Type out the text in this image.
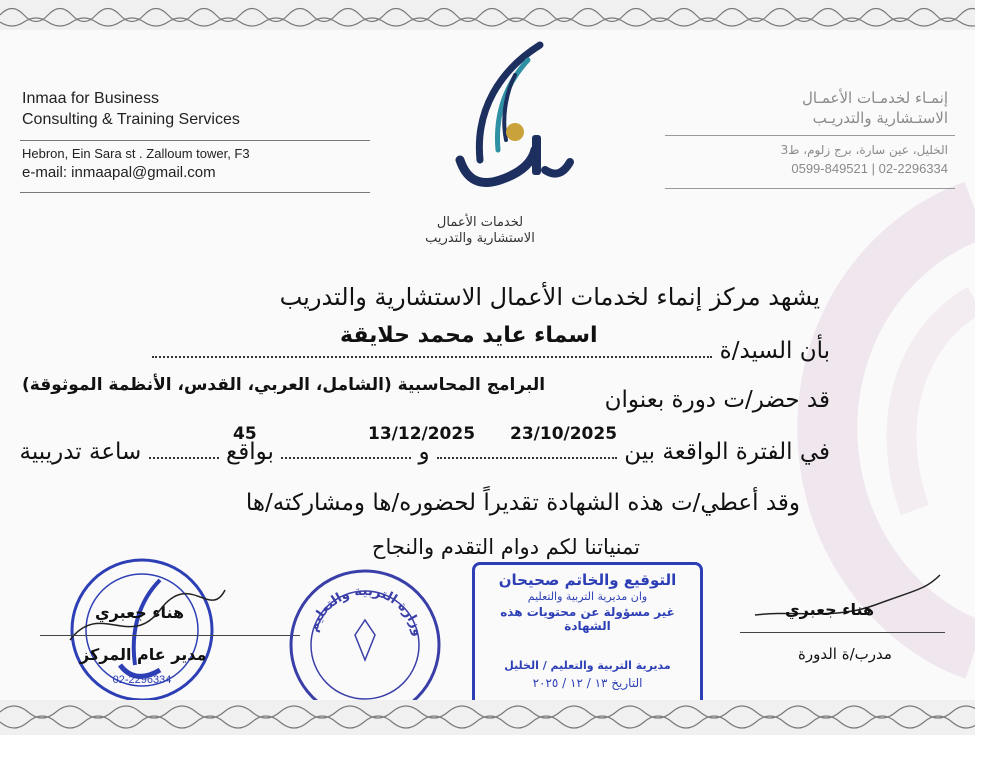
Inmaa for Business
Consulting & Training Services
Hebron, Ein Sara st . Zalloum tower, F3
e-mail: inmaapal@gmail.com
إنمـاء لخدمـات الأعمـال
الاستـشارية والتدريـب
الخليل، عين سارة، برج زلوم، ط3
0599-849521 | 02-2296334
لخدمات الأعمال
الاستشارية والتدريب
يشهد مركز إنماء لخدمات الأعمال الاستشارية والتدريب
بأن السيد/ة
اسماء عايد محمد حلايقة
قد حضر/ت دورة بعنوان
البرامج المحاسبية (الشامل، العربي، القدس، الأنظمة الموثوقة)
في الفترة الواقعة بين  و  بواقع  ساعة تدريبية
23/10/2025
13/12/2025
45
وقد أعطي/ت هذه الشهادة تقديراً لحضوره/ها ومشاركته/ها
تمنياتنا لكم دوام التقدم والنجاح
02-2296334
هناء جعبري
مدير عام المركز
وزارة التربية والتعليم
التوقيع والخاتم صحيحان
وان مديرية التربية والتعليم
غير مسؤولة عن محتويات هذه الشهادة
مديرية التربية والتعليم / الخليل
التاريخ ١٣ / ١٢ / ٢٠٢٥
هناء جعبري
مدرب/ة الدورة
